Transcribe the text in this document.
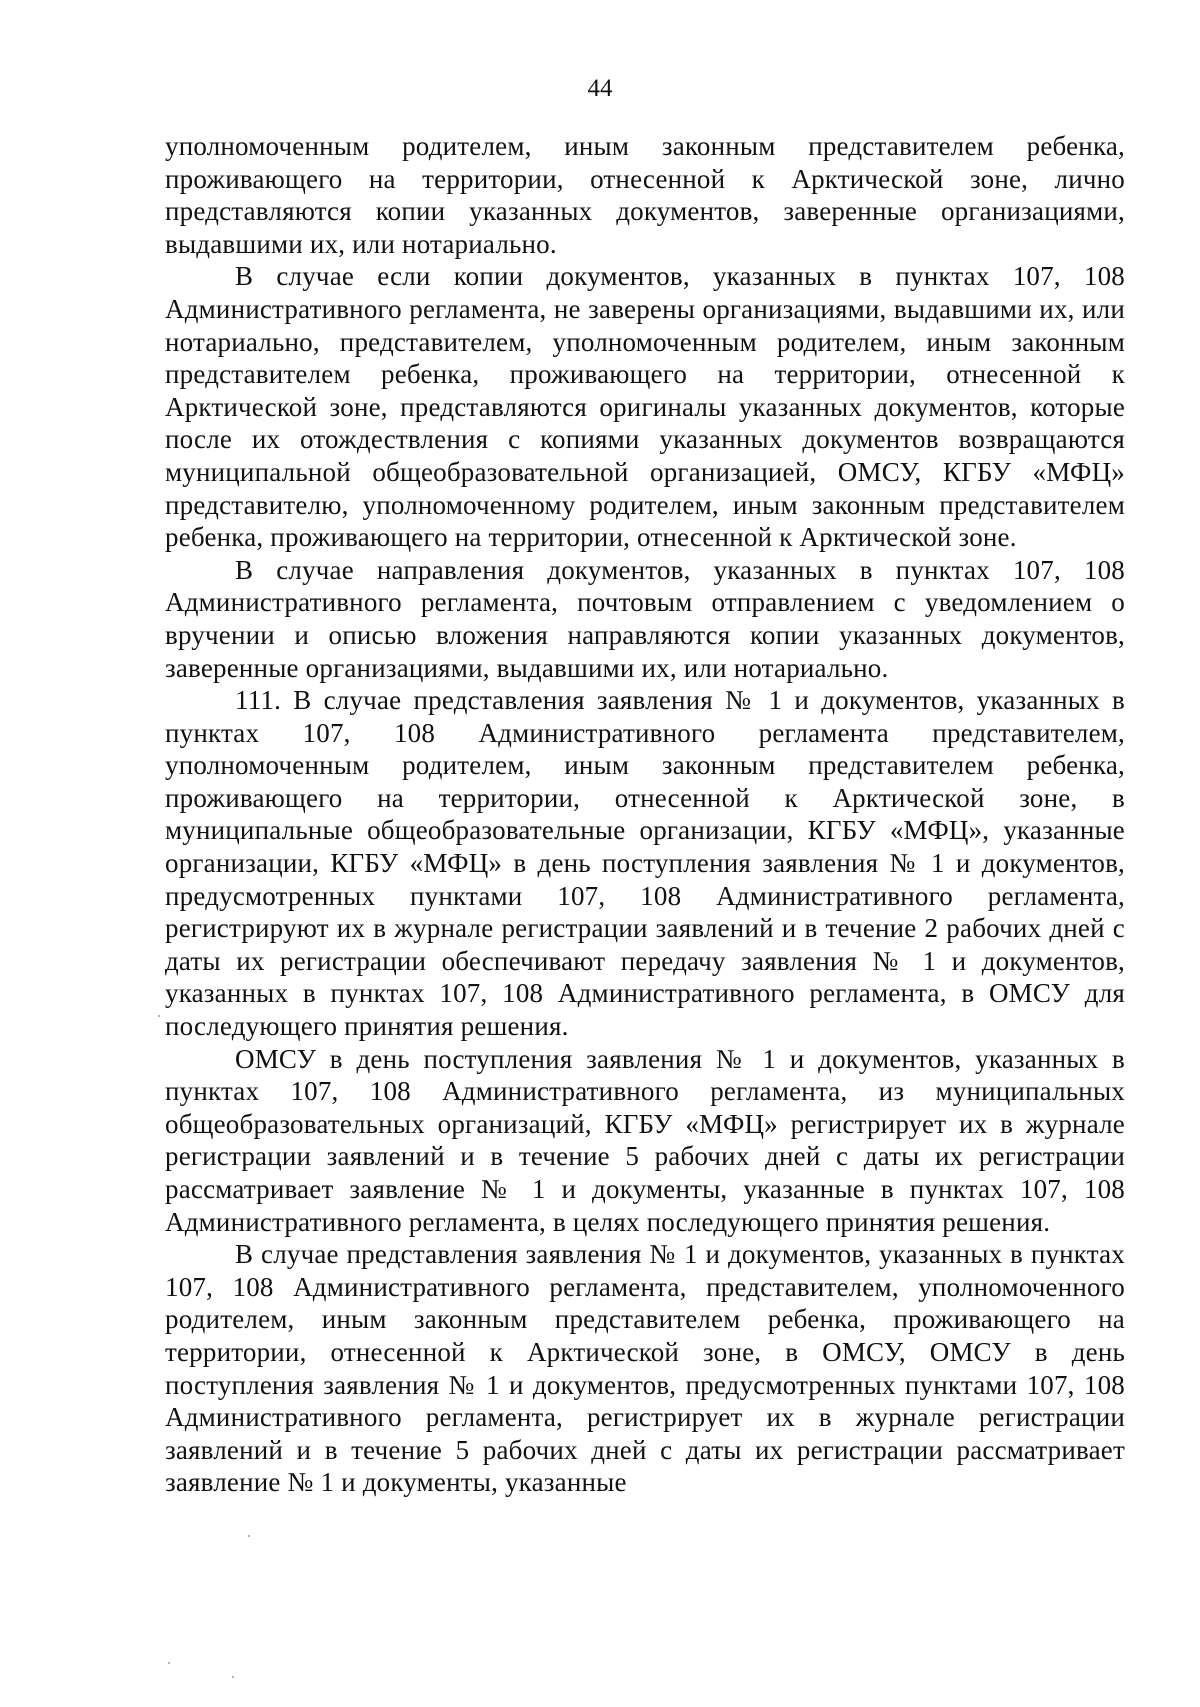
44

уполномоченным родителем, иным законным представителем ребенка, проживающего на территории, отнесенной к Арктической зоне, лично представляются копии указанных документов, заверенные организациями, выдавшими их, или нотариально.

В случае если копии документов, указанных в пунктах 107, 108 Административного регламента, не заверены организациями, выдавшими их, или нотариально, представителем, уполномоченным родителем, иным законным представителем ребенка, проживающего на территории, отнесенной к Арктической зоне, представляются оригиналы указанных документов, которые после их отождествления с копиями указанных документов возвращаются муниципальной общеобразовательной организацией, ОМСУ, КГБУ «МФЦ» представителю, уполномоченному родителем, иным законным представителем ребенка, проживающего на территории, отнесенной к Арктической зоне.

В случае направления документов, указанных в пунктах 107, 108 Административного регламента, почтовым отправлением с уведомлением о вручении и описью вложения направляются копии указанных документов, заверенные организациями, выдавшими их, или нотариально.

111. В случае представления заявления № 1 и документов, указанных в пунктах 107, 108 Административного регламента представителем, уполномоченным родителем, иным законным представителем ребенка, проживающего на территории, отнесенной к Арктической зоне, в муниципальные общеобразовательные организации, КГБУ «МФЦ», указанные организации, КГБУ «МФЦ» в день поступления заявления № 1 и документов, предусмотренных пунктами 107, 108 Административного регламента, регистрируют их в журнале регистрации заявлений и в течение 2 рабочих дней с даты их регистрации обеспечивают передачу заявления № 1 и документов, указанных в пунктах 107, 108 Административного регламента, в ОМСУ для последующего принятия решения.

ОМСУ в день поступления заявления № 1 и документов, указанных в пунктах 107, 108 Административного регламента, из муниципальных общеобразовательных организаций, КГБУ «МФЦ» регистрирует их в журнале регистрации заявлений и в течение 5 рабочих дней с даты их регистрации рассматривает заявление № 1 и документы, указанные в пунктах 107, 108 Административного регламента, в целях последующего принятия решения.

В случае представления заявления № 1 и документов, указанных в пунктах 107, 108 Административного регламента, представителем, уполномоченного родителем, иным законным представителем ребенка, проживающего на территории, отнесенной к Арктической зоне, в ОМСУ, ОМСУ в день поступления заявления № 1 и документов, предусмотренных пунктами 107, 108 Административного регламента, регистрирует их в журнале регистрации заявлений и в течение 5 рабочих дней с даты их регистрации рассматривает заявление № 1 и документы, указанные
